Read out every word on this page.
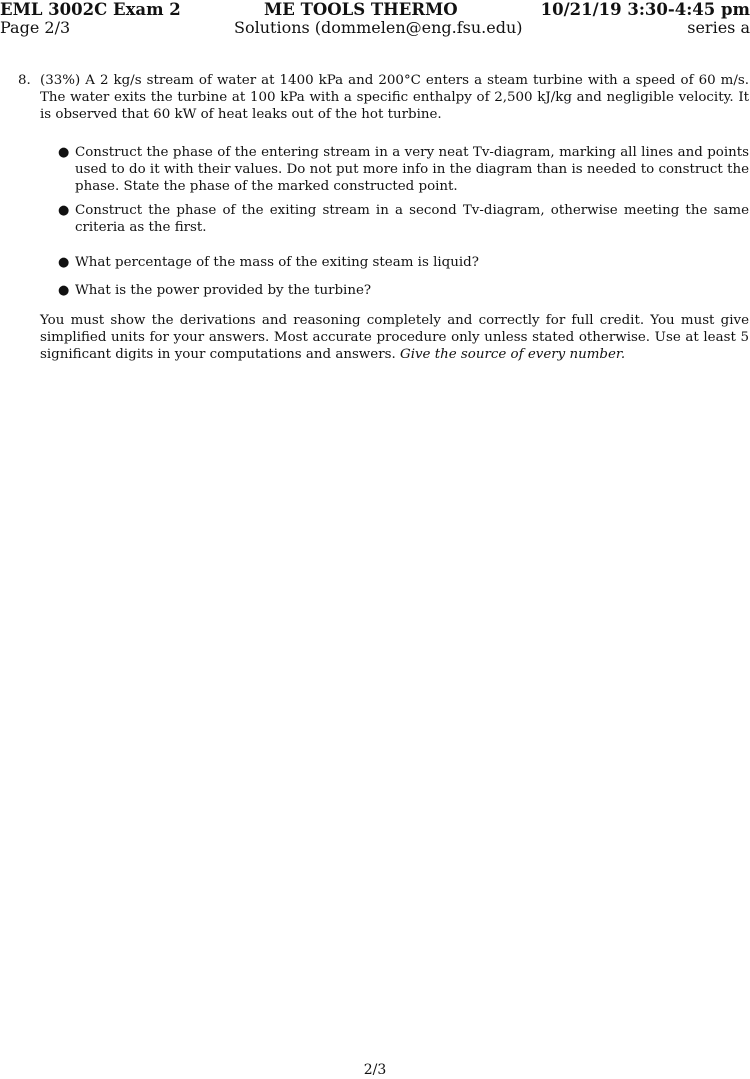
EML 3002C Exam 2	ME TOOLS THERMO	10/21/19 3:30-4:45 pm
Page 2/3	Solutions (dommelen@eng.fsu.edu)	series a
8. (33%) A 2 kg/s stream of water at 1400 kPa and 200°C enters a steam turbine with a speed of 60 m/s. The water exits the turbine at 100 kPa with a specific enthalpy of 2,500 kJ/kg and negligible velocity. It is observed that 60 kW of heat leaks out of the hot turbine.
● Construct the phase of the entering stream in a very neat Tv-diagram, marking all lines and points used to do it with their values. Do not put more info in the diagram than is needed to construct the phase. State the phase of the marked constructed point.
● Construct the phase of the exiting stream in a second Tv-diagram, otherwise meeting the same criteria as the first.
● What percentage of the mass of the exiting steam is liquid?
● What is the power provided by the turbine?
You must show the derivations and reasoning completely and correctly for full credit. You must give simplified units for your answers. Most accurate procedure only unless stated otherwise. Use at least 5 significant digits in your computations and answers. Give the source of every number.
2/3
